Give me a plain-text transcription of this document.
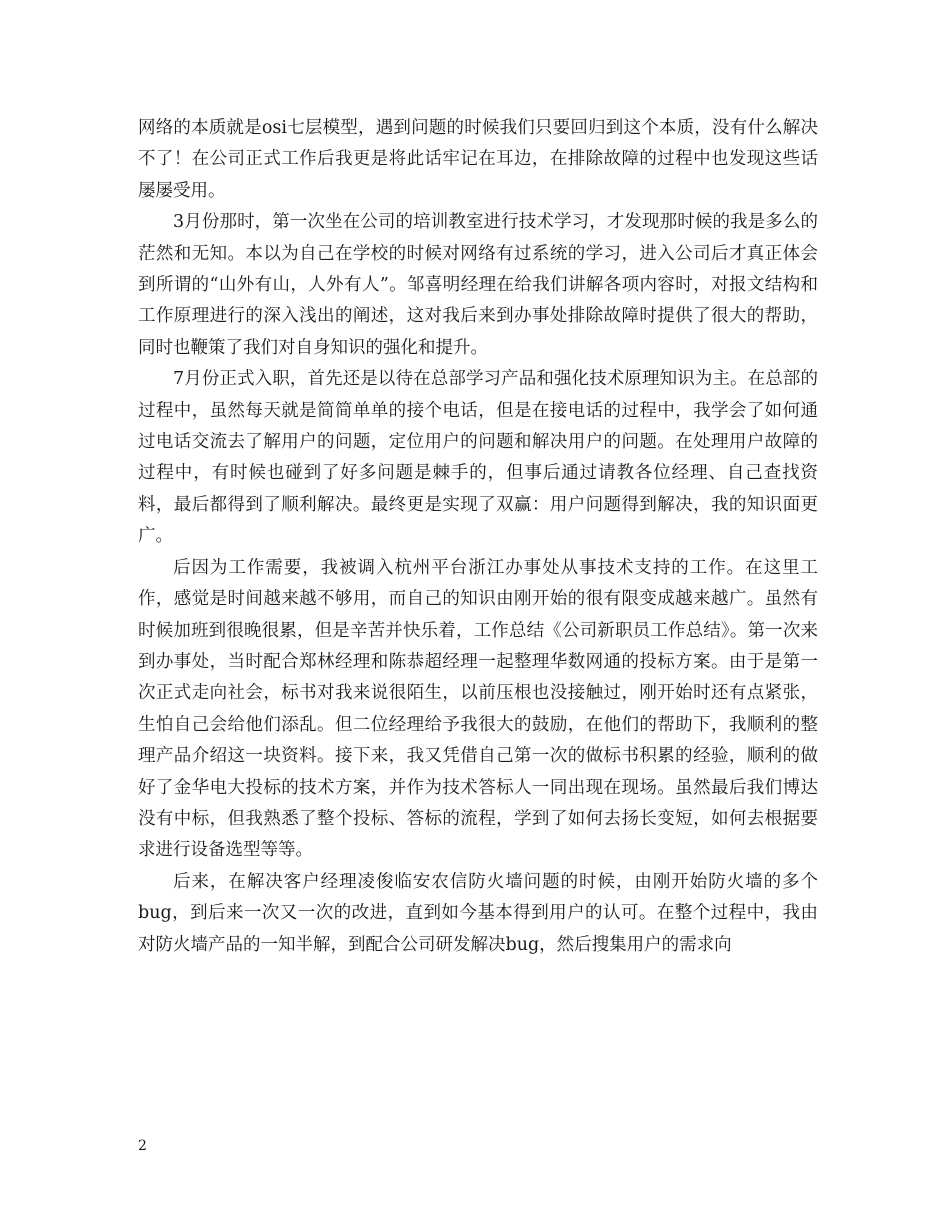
网络的本质就是osi七层模型，遇到问题的时候我们只要回归到这个本质，没有什么解决不了！在公司正式工作后我更是将此话牢记在耳边，在排除故障的过程中也发现这些话屡屡受用。

3月份那时，第一次坐在公司的培训教室进行技术学习，才发现那时候的我是多么的茫然和无知。本以为自己在学校的时候对网络有过系统的学习，进入公司后才真正体会到所谓的“山外有山，人外有人”。邹喜明经理在给我们讲解各项内容时，对报文结构和工作原理进行的深入浅出的阐述，这对我后来到办事处排除故障时提供了很大的帮助，同时也鞭策了我们对自身知识的强化和提升。

7月份正式入职，首先还是以待在总部学习产品和强化技术原理知识为主。在总部的过程中，虽然每天就是简简单单的接个电话，但是在接电话的过程中，我学会了如何通过电话交流去了解用户的问题，定位用户的问题和解决用户的问题。在处理用户故障的过程中，有时候也碰到了好多问题是棘手的，但事后通过请教各位经理、自己查找资料，最后都得到了顺利解决。最终更是实现了双赢：用户问题得到解决，我的知识面更广。

后因为工作需要，我被调入杭州平台浙江办事处从事技术支持的工作。在这里工作，感觉是时间越来越不够用，而自己的知识由刚开始的很有限变成越来越广。虽然有时候加班到很晚很累，但是辛苦并快乐着，工作总结《公司新职员工作总结》。第一次来到办事处，当时配合郑林经理和陈恭超经理一起整理华数网通的投标方案。由于是第一次正式走向社会，标书对我来说很陌生，以前压根也没接触过，刚开始时还有点紧张，生怕自己会给他们添乱。但二位经理给予我很大的鼓励，在他们的帮助下，我顺利的整理产品介绍这一块资料。接下来，我又凭借自己第一次的做标书积累的经验，顺利的做好了金华电大投标的技术方案，并作为技术答标人一同出现在现场。虽然最后我们博达没有中标，但我熟悉了整个投标、答标的流程，学到了如何去扬长变短，如何去根据要求进行设备选型等等。

后来，在解决客户经理凌俊临安农信防火墙问题的时候，由刚开始防火墙的多个bug，到后来一次又一次的改进，直到如今基本得到用户的认可。在整个过程中，我由对防火墙产品的一知半解，到配合公司研发解决bug，然后搜集用户的需求向

2
